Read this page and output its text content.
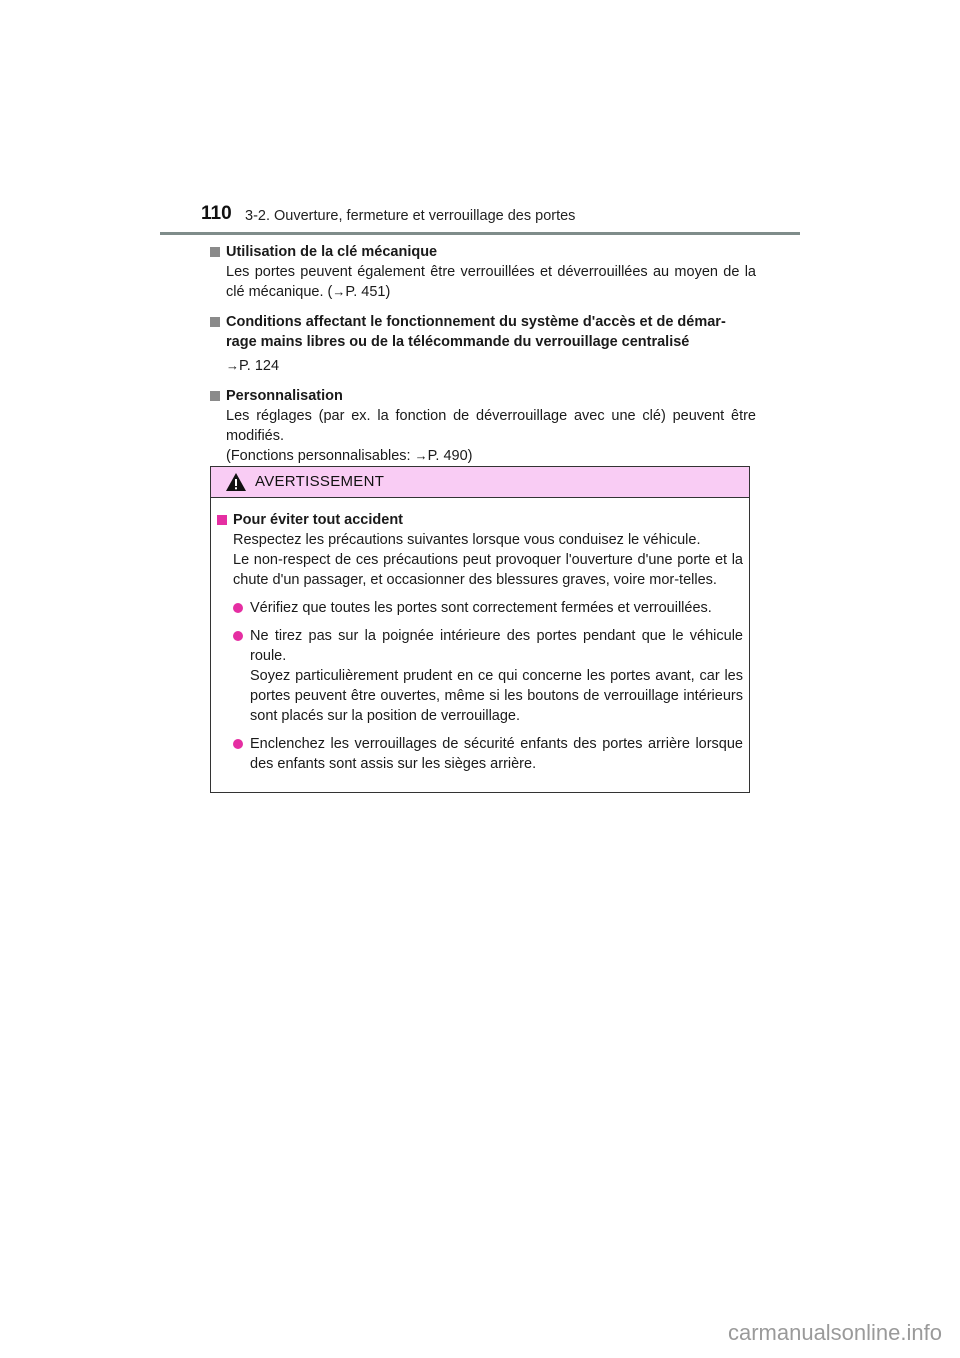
110 3-2. Ouverture, fermeture et verrouillage des portes
Utilisation de la clé mécanique
Les portes peuvent également être verrouillées et déverrouillées au moyen de la clé mécanique. (→P. 451)
Conditions affectant le fonctionnement du système d'accès et de démar-rage mains libres ou de la télécommande du verrouillage centralisé
→P. 124
Personnalisation
Les réglages (par ex. la fonction de déverrouillage avec une clé) peuvent être modifiés.
(Fonctions personnalisables: →P. 490)
AVERTISSEMENT
Pour éviter tout accident
Respectez les précautions suivantes lorsque vous conduisez le véhicule.
Le non-respect de ces précautions peut provoquer l'ouverture d'une porte et la chute d'un passager, et occasionner des blessures graves, voire mor-telles.
Vérifiez que toutes les portes sont correctement fermées et verrouillées.
Ne tirez pas sur la poignée intérieure des portes pendant que le véhicule roule.
Soyez particulièrement prudent en ce qui concerne les portes avant, car les portes peuvent être ouvertes, même si les boutons de verrouillage intérieurs sont placés sur la position de verrouillage.
Enclenchez les verrouillages de sécurité enfants des portes arrière lorsque des enfants sont assis sur les sièges arrière.
carmanualsonline.info
